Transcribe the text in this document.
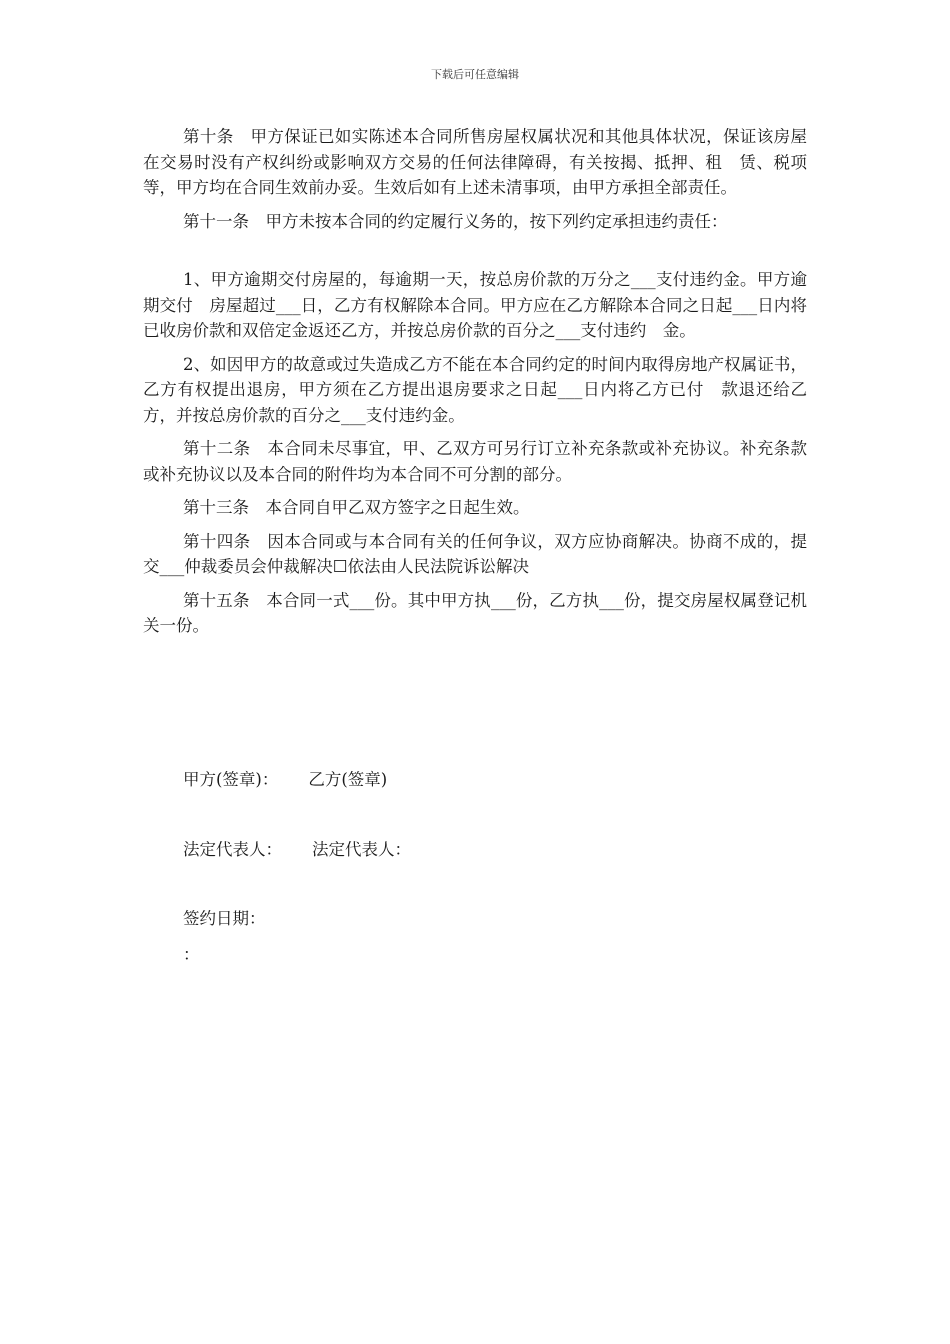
下载后可任意编辑

第十条　甲方保证已如实陈述本合同所售房屋权属状况和其他具体状况，保证该房屋在交易时没有产权纠纷或影响双方交易的任何法律障碍，有关按揭、抵押、租　赁、税项等，甲方均在合同生效前办妥。生效后如有上述未清事项，由甲方承担全部责任。

第十一条　甲方未按本合同的约定履行义务的，按下列约定承担违约责任：

1、甲方逾期交付房屋的，每逾期一天，按总房价款的万分之___支付违约金。甲方逾期交付　房屋超过___日，乙方有权解除本合同。甲方应在乙方解除本合同之日起___日内将已收房价款和双倍定金返还乙方，并按总房价款的百分之___支付违约　金。

2、如因甲方的故意或过失造成乙方不能在本合同约定的时间内取得房地产权属证书，乙方有权提出退房，甲方须在乙方提出退房要求之日起___日内将乙方已付　款退还给乙方，并按总房价款的百分之___支付违约金。

第十二条　本合同未尽事宜，甲、乙双方可另行订立补充条款或补充协议。补充条款或补充协议以及本合同的附件均为本合同不可分割的部分。

第十三条　本合同自甲乙双方签字之日起生效。

第十四条　因本合同或与本合同有关的任何争议，双方应协商解决。协商不成的，提交___仲裁委员会仲裁解决☐依法由人民法院诉讼解决

第十五条　本合同一式___份。其中甲方执___份，乙方执___份，提交房屋权属登记机关一份。

甲方(签章)： 乙方(签章)
法定代表人： 法定代表人：
签约日期：
：
